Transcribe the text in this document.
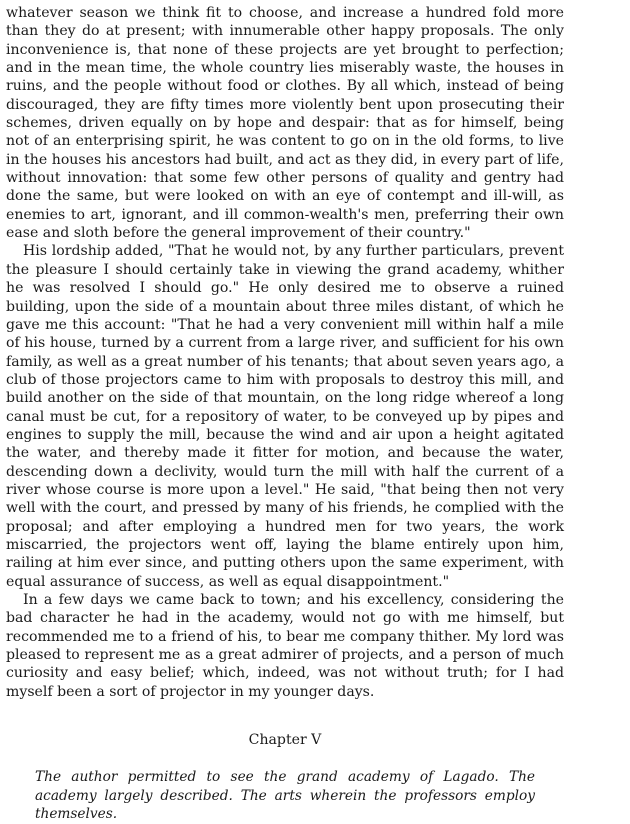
whatever season we think fit to choose, and increase a hundred fold more than they do at present; with innumerable other happy proposals. The only inconvenience is, that none of these projects are yet brought to perfection; and in the mean time, the whole country lies miserably waste, the houses in ruins, and the people without food or clothes. By all which, instead of being discouraged, they are fifty times more violently bent upon prosecuting their schemes, driven equally on by hope and despair: that as for himself, being not of an enterprising spirit, he was content to go on in the old forms, to live in the houses his ancestors had built, and act as they did, in every part of life, without innovation: that some few other persons of quality and gentry had done the same, but were looked on with an eye of contempt and ill-will, as enemies to art, ignorant, and ill common-wealth's men, preferring their own ease and sloth before the general improvement of their country."

His lordship added, "That he would not, by any further particulars, prevent the pleasure I should certainly take in viewing the grand academy, whither he was resolved I should go." He only desired me to observe a ruined building, upon the side of a mountain about three miles distant, of which he gave me this account: "That he had a very convenient mill within half a mile of his house, turned by a current from a large river, and sufficient for his own family, as well as a great number of his tenants; that about seven years ago, a club of those projectors came to him with proposals to destroy this mill, and build another on the side of that mountain, on the long ridge whereof a long canal must be cut, for a repository of water, to be conveyed up by pipes and engines to supply the mill, because the wind and air upon a height agitated the water, and thereby made it fitter for motion, and because the water, descending down a declivity, would turn the mill with half the current of a river whose course is more upon a level." He said, "that being then not very well with the court, and pressed by many of his friends, he complied with the proposal; and after employing a hundred men for two years, the work miscarried, the projectors went off, laying the blame entirely upon him, railing at him ever since, and putting others upon the same experiment, with equal assurance of success, as well as equal disappointment."

In a few days we came back to town; and his excellency, considering the bad character he had in the academy, would not go with me himself, but recommended me to a friend of his, to bear me company thither. My lord was pleased to represent me as a great admirer of projects, and a person of much curiosity and easy belief; which, indeed, was not without truth; for I had myself been a sort of projector in my younger days.

Chapter V
The author permitted to see the grand academy of Lagado. The academy largely described. The arts wherein the professors employ themselves.
